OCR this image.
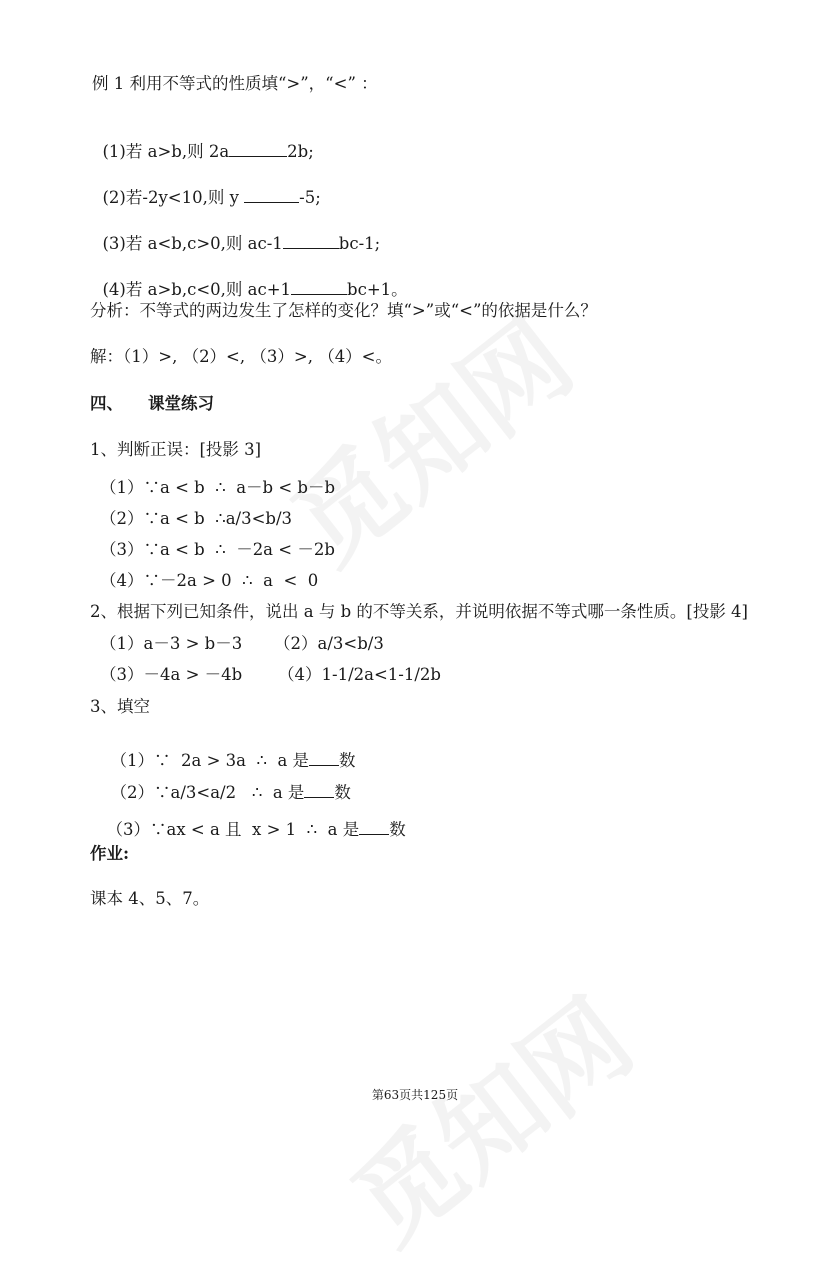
例 1 利用不等式的性质填“>”，“<” ：

(1)若 a>b,则 2a	2b;

(2)若-2y<10,则 y	-5;

(3)若 a<b,c>0,则 ac-1	bc-1;

(4)若 a>b,c<0,则 ac+1	bc+1。

分析：不等式的两边发生了怎样的变化？填“>”或“<”的依据是什么？
解：（1）>, （2）<, （3）>, （4）<。
四、 课堂练习
1、判断正误：[投影 3]
（1）∵a < b  ∴  a－b < b－b
（2）∵a < b  ∴a/3<b/3
（3）∵a < b  ∴  －2a < －2b
（4）∵－2a > 0  ∴  a  <  0
2、根据下列已知条件，说出 a 与 b 的不等关系，并说明依据不等式哪一条性质。[投影 4]
（1）a－3 > b－3 （2）a/3<b/3
（3）－4a > －4b （4）1-1/2a<1-1/2b
3、填空

（1）∵  2a > 3a  ∴  a 是 数

（2）∵a/3<a/2   ∴  a 是 数

（3）∵ax < a 且  x > 1  ∴  a 是 数

作业:
课本 4、5、7。
第63页共125页
